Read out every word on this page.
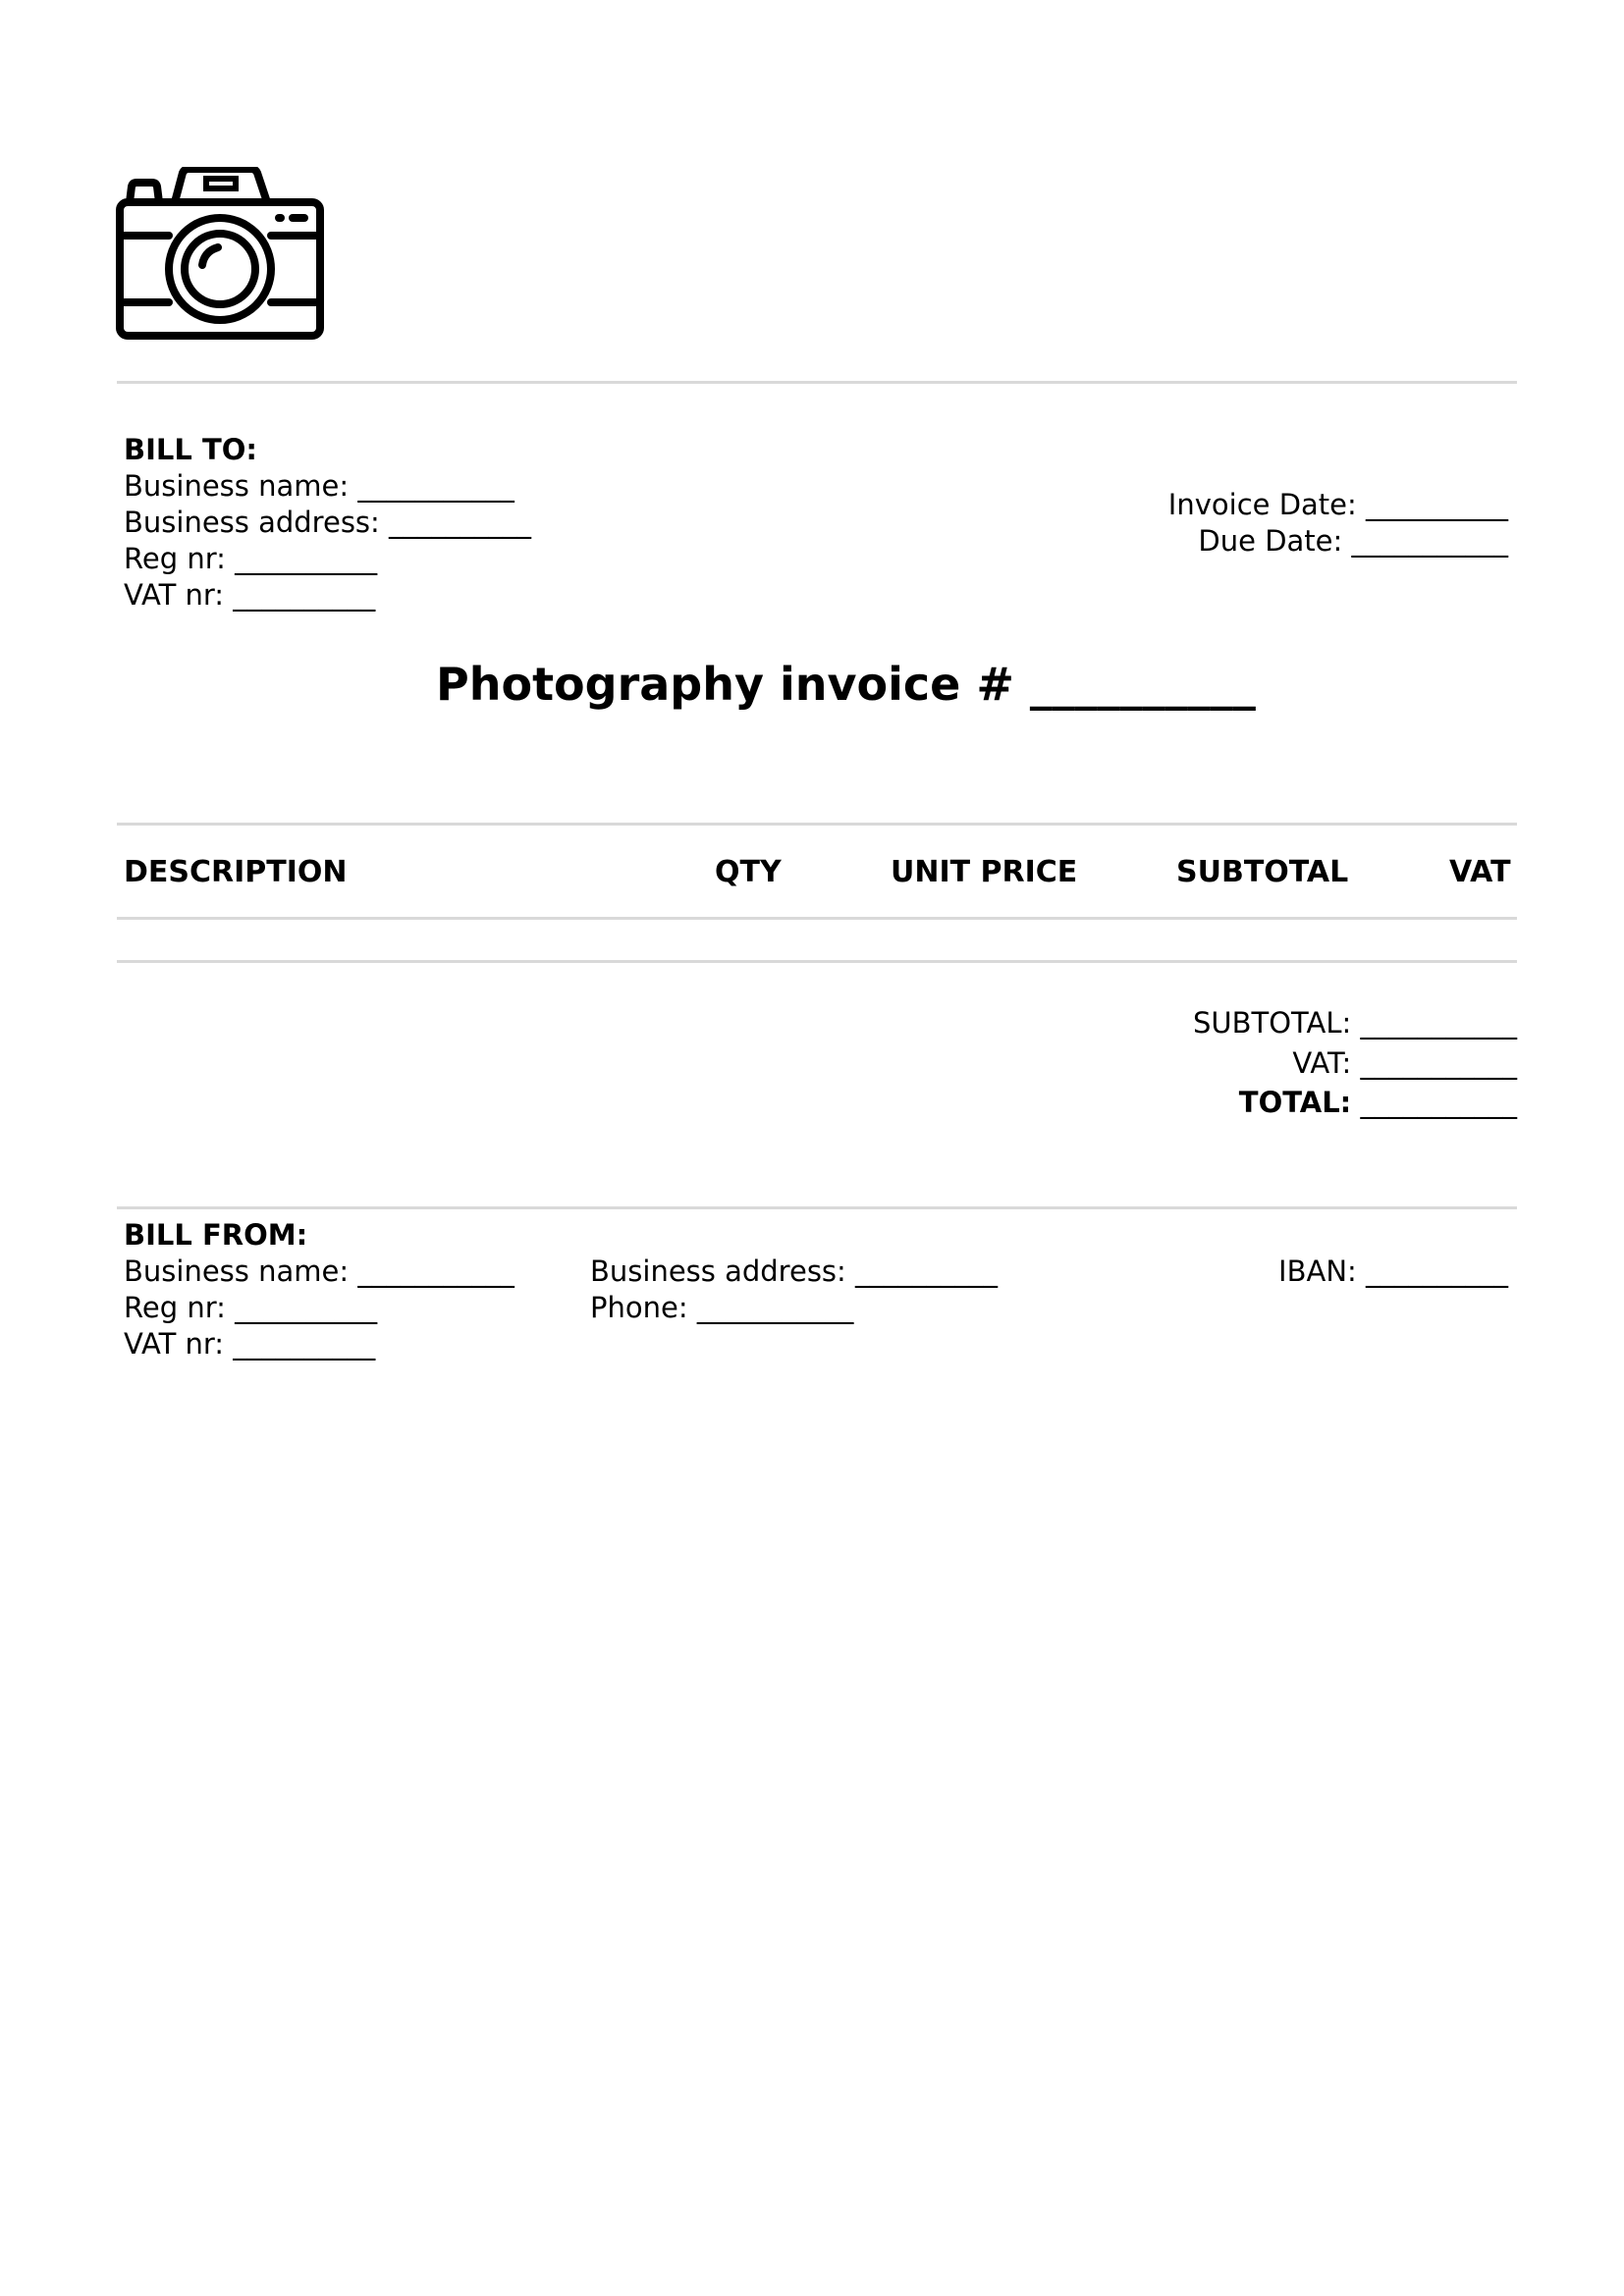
BILL TO:
Business name: ___________
Business address: __________
Reg nr: __________
VAT nr: __________
Invoice Date: __________
Due Date: ___________
Photography invoice # __________
DESCRIPTION	QTY	UNIT PRICE	SUBTOTAL	VAT
SUBTOTAL: ___________
VAT: ___________
TOTAL: ___________
BILL FROM:
Business name: ___________
Reg nr: __________
VAT nr: __________
Business address: __________
Phone: ___________
IBAN: __________
